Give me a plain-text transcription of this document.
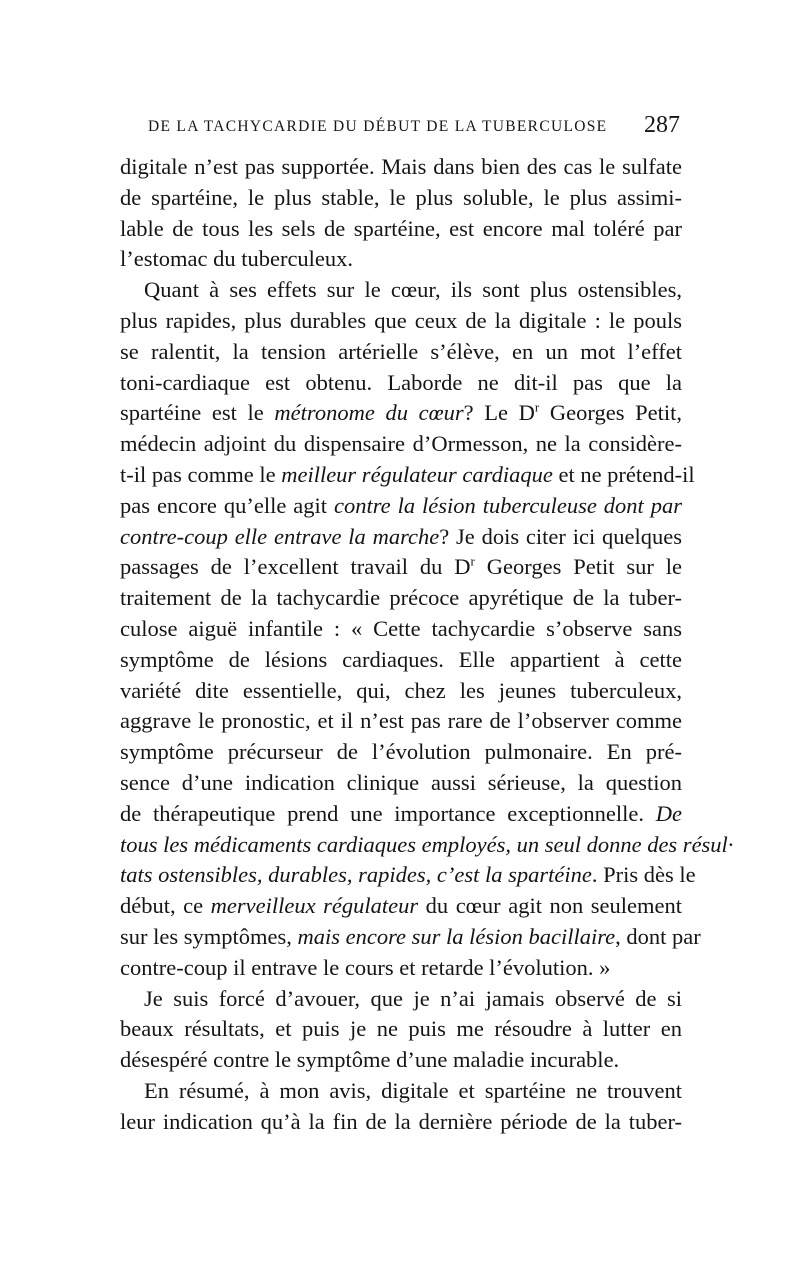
DE LA TACHYCARDIE DU DÉBUT DE LA TUBERCULOSE 287
digitale n’est pas supportée. Mais dans bien des cas le sulfate
de spartéine, le plus stable, le plus soluble, le plus assimi-
lable de tous les sels de spartéine, est encore mal toléré par
l’estomac du tuberculeux.
Quant à ses effets sur le cœur, ils sont plus ostensibles,
plus rapides, plus durables que ceux de la digitale : le pouls
se ralentit, la tension artérielle s’élève, en un mot l’effet
toni-cardiaque est obtenu. Laborde ne dit-il pas que la
spartéine est le métronome du cœur? Le $D^r$ Georges Petit,
médecin adjoint du dispensaire d’Ormesson, ne la considère-
t-il pas comme le meilleur régulateur cardiaque et ne prétend-il
pas encore qu’elle agit contre la lésion tuberculeuse dont par
contre-coup elle entrave la marche? Je dois citer ici quelques
passages de l’excellent travail du $D^r$ Georges Petit sur le
traitement de la tachycardie précoce apyrétique de la tuber-
culose aiguë infantile : « Cette tachycardie s’observe sans
symptôme de lésions cardiaques. Elle appartient à cette
variété dite essentielle, qui, chez les jeunes tuberculeux,
aggrave le pronostic, et il n’est pas rare de l’observer comme
symptôme précurseur de l’évolution pulmonaire. En pré-
sence d’une indication clinique aussi sérieuse, la question
de thérapeutique prend une importance exceptionnelle. De
tous les médicaments cardiaques employés, un seul donne des résul·
tats ostensibles, durables, rapides, c’est la spartéine. Pris dès le
début, ce merveilleux régulateur du cœur agit non seulement
sur les symptômes, mais encore sur la lésion bacillaire, dont par
contre-coup il entrave le cours et retarde l’évolution. »
Je suis forcé d’avouer, que je n’ai jamais observé de si
beaux résultats, et puis je ne puis me résoudre à lutter en
désespéré contre le symptôme d’une maladie incurable.
En résumé, à mon avis, digitale et spartéine ne trouvent
leur indication qu’à la fin de la dernière période de la tuber-
